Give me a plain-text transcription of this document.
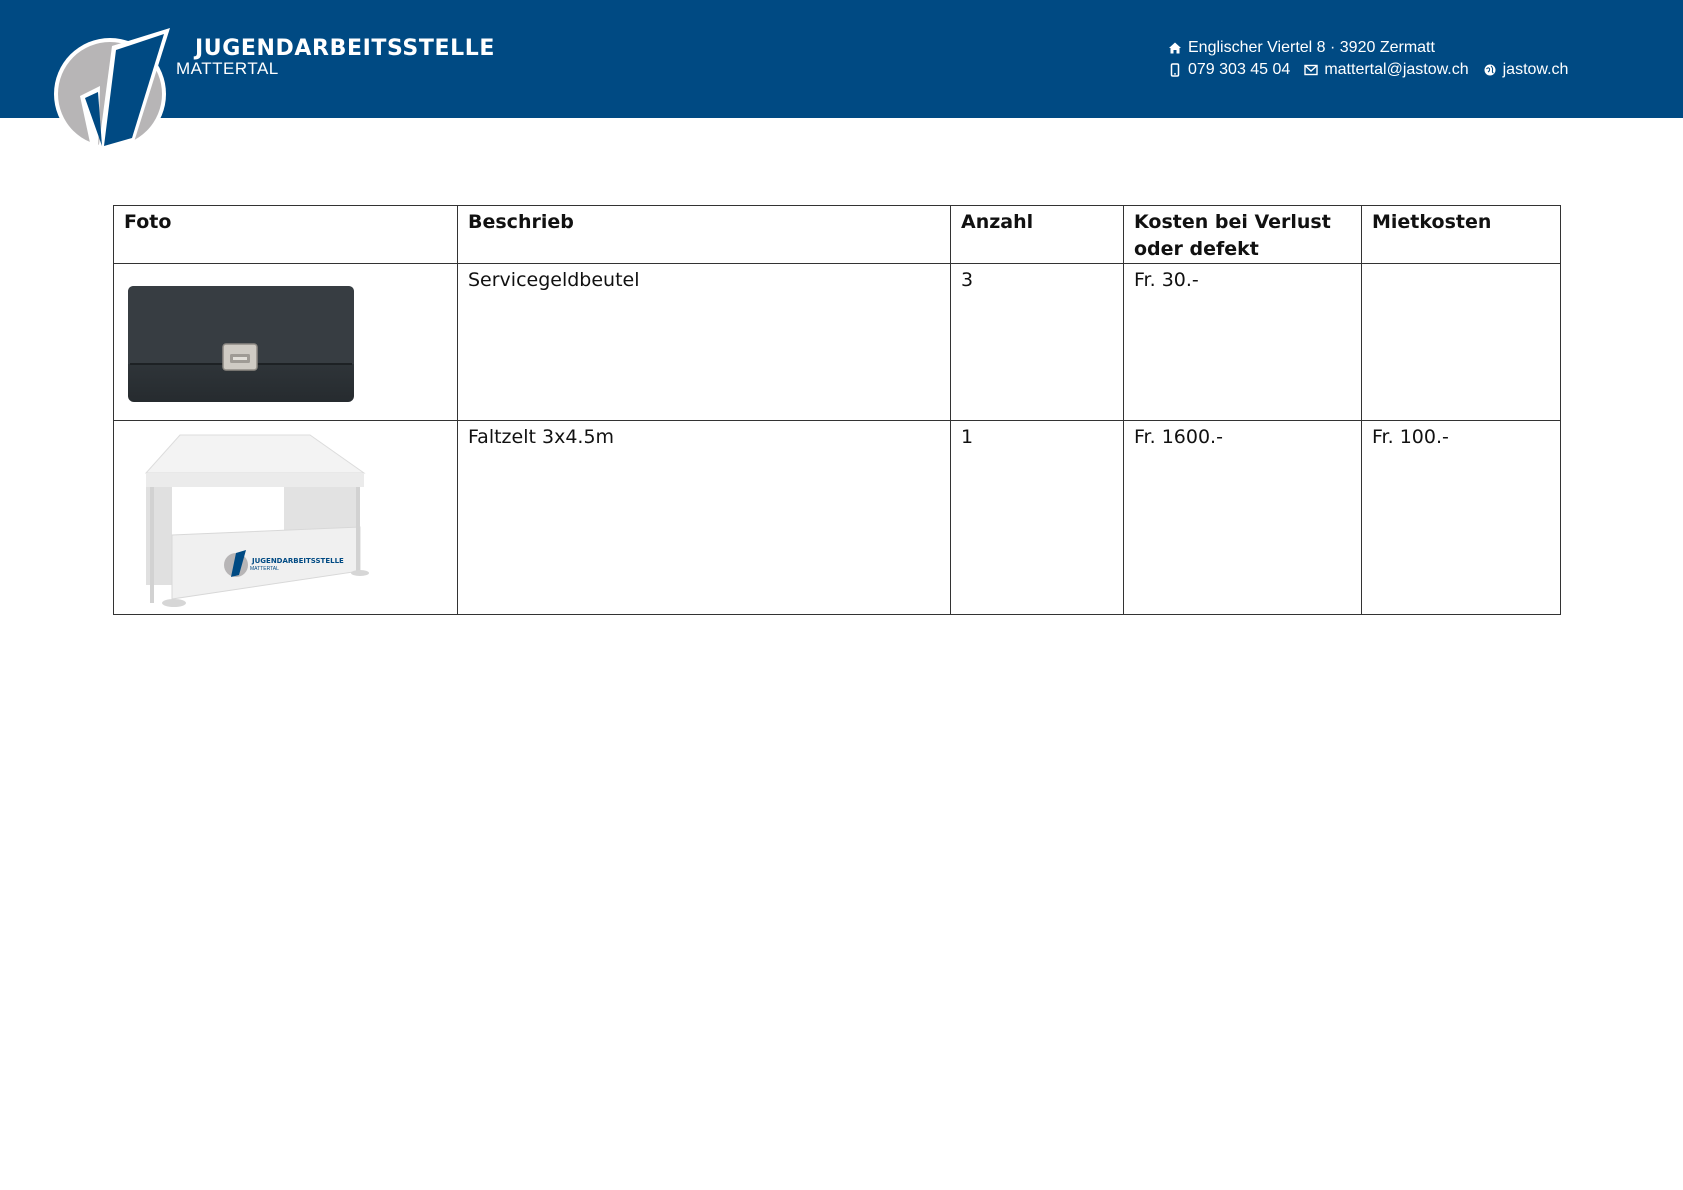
JUGENDARBEITSSTELLE
MATTERTAL
Englischer Viertel 8 · 3920 Zermatt
079 303 45 04 mattertal@jastow.ch jastow.ch
Foto	Beschrieb	Anzahl	Kosten bei Verlust oder defekt	Mietkosten

	Servicegeldbeutel	3	Fr. 30.-	

JUGENDARBEITSSTELLE
MATTERTAL	Faltzelt 3x4.5m	1	Fr. 1600.-	Fr. 100.-
